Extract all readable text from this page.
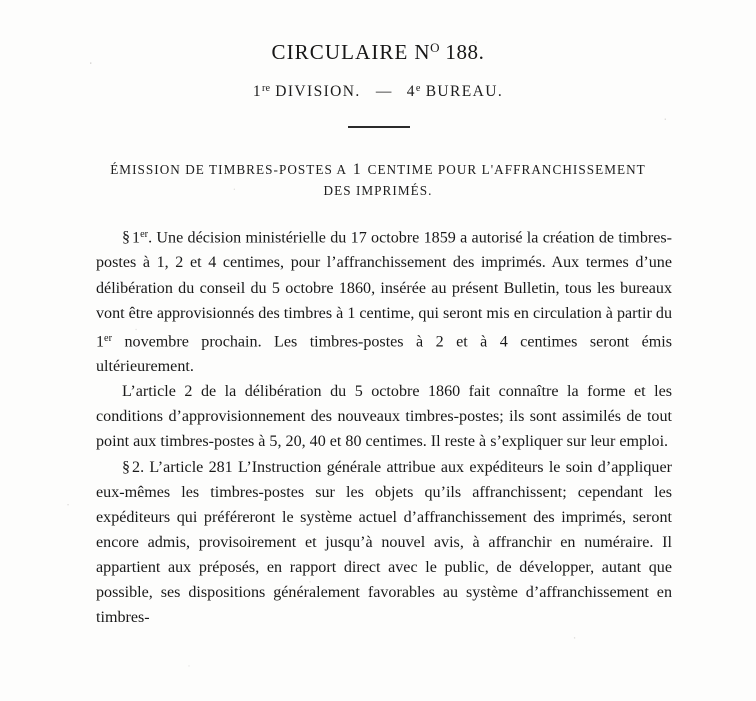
CIRCULAIRE $N^O$ 188.
1re DIVISION. — 4e BUREAU.
ÉMISSION DE TIMBRES-POSTES A 1 CENTIME POUR L'AFFRANCHISSEMENT
DES IMPRIMÉS.

§ 1er. Une décision ministérielle du 17 octobre 1859 a autorisé la création de timbres-postes à 1, 2 et 4 centimes, pour l’affranchissement des imprimés. Aux termes d’une délibération du conseil du 5 octobre 1860, insérée au présent Bulletin, tous les bureaux vont être approvisionnés des timbres à 1 centime, qui seront mis en circulation à partir du 1er novembre prochain. Les timbres-postes à 2 et à 4 centimes seront émis ultérieurement.

L’article 2 de la délibération du 5 octobre 1860 fait connaître la forme et les conditions d’approvisionnement des nouveaux timbres-postes; ils sont assimilés de tout point aux timbres-postes à 5, 20, 40 et 80 centimes. Il reste à s’expliquer sur leur emploi.

§ 2. L’article 281 L’Instruction générale attribue aux expéditeurs le soin d’appliquer eux-mêmes les timbres-postes sur les objets qu’ils affranchissent; cependant les expéditeurs qui préféreront le système actuel d’affranchissement des imprimés, seront encore admis, provisoirement et jusqu’à nouvel avis, à affranchir en numéraire. Il appartient aux préposés, en rapport direct avec le public, de développer, autant que possible, ses dispositions généralement favorables au système d’affranchissement en timbres-
